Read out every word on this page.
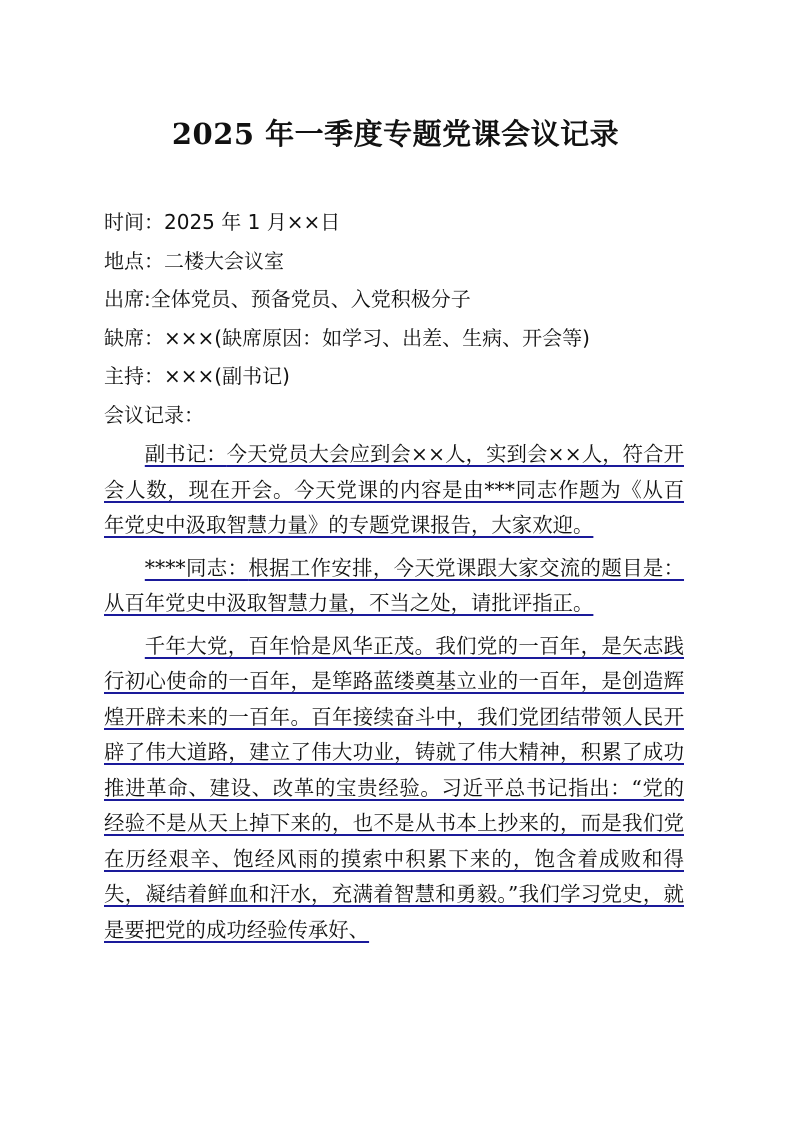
2025 年一季度专题党课会议记录
时间：2025 年 1 月××日
地点：二楼大会议室
出席:全体党员、预备党员、入党积极分子
缺席：×××(缺席原因：如学习、出差、生病、开会等)
主持：×××(副书记)
会议记录：

副书记：今天党员大会应到会××人，实到会××人，符合开会人数，现在开会。今天党课的内容是由***同志作题为《从百年党史中汲取智慧力量》的专题党课报告，大家欢迎。

****同志：根据工作安排，今天党课跟大家交流的题目是：从百年党史中汲取智慧力量，不当之处，请批评指正。

千年大党，百年恰是风华正茂。我们党的一百年，是矢志践行初心使命的一百年，是筚路蓝缕奠基立业的一百年，是创造辉煌开辟未来的一百年。百年接续奋斗中，我们党团结带领人民开辟了伟大道路，建立了伟大功业，铸就了伟大精神，积累了成功推进革命、建设、改革的宝贵经验。习近平总书记指出：“党的经验不是从天上掉下来的，也不是从书本上抄来的，而是我们党在历经艰辛、饱经风雨的摸索中积累下来的，饱含着成败和得失，凝结着鲜血和汗水，充满着智慧和勇毅。”我们学习党史，就是要把党的成功经验传承好、
